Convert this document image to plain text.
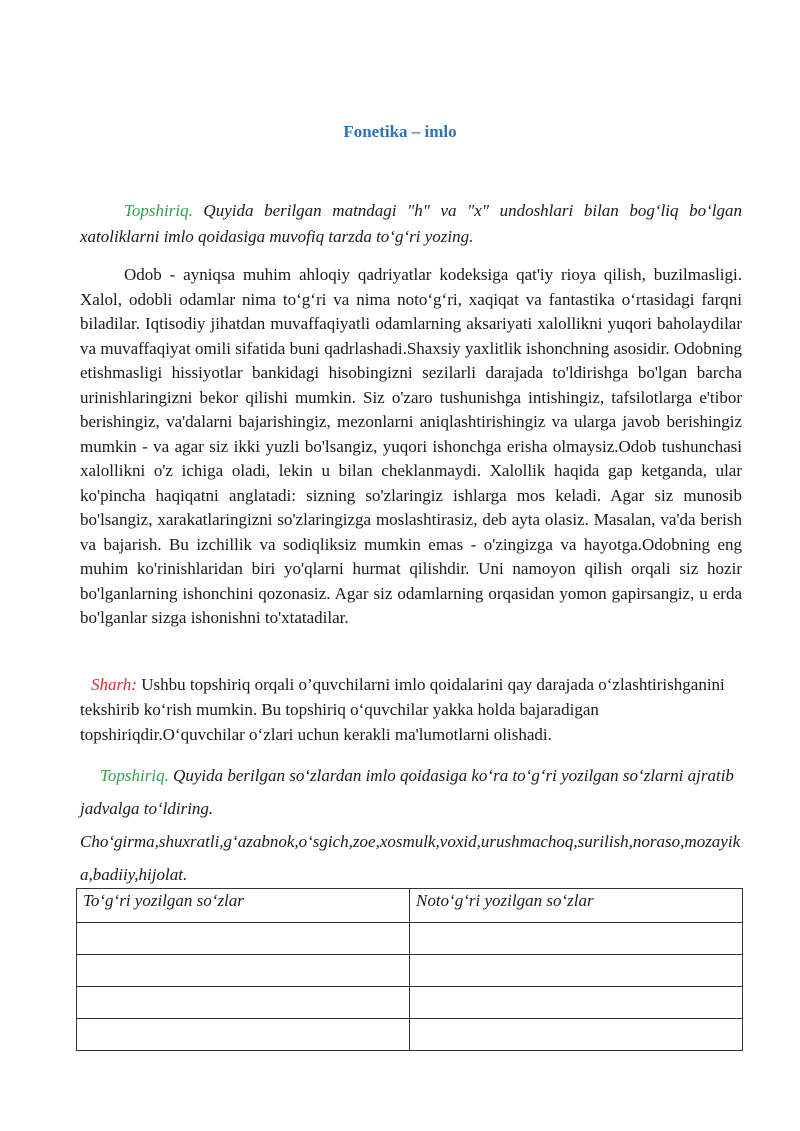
Fonetika – imlo
Topshiriq. Quyida berilgan matndagi "h" va "x" undoshlari bilan bogʻliq boʻlgan xatoliklarni imlo qoidasiga muvofiq tarzda toʻgʻri yozing.
Odob - ayniqsa muhim ahloqiy qadriyatlar kodeksiga qat'iy rioya qilish, buzilmasligi. Xalol, odobli odamlar nima to‘g‘ri va nima noto‘g‘ri, xaqiqat va fantastika o‘rtasidagi farqni biladilar. Iqtisodiy jihatdan muvaffaqiyatli odamlarning aksariyati xalollikni yuqori baholaydilar va muvaffaqiyat omili sifatida buni qadrlashadi.Shaxsiy yaxlitlik ishonchning asosidir. Odobning etishmasligi hissiyotlar bankidagi hisobingizni sezilarli darajada to'ldirishga bo'lgan barcha urinishlaringizni bekor qilishi mumkin. Siz o'zaro tushunishga intishingiz, tafsilotlarga e'tibor berishingiz, va'dalarni bajarishingiz, mezonlarni aniqlashtirishingiz va ularga javob berishingiz mumkin - va agar siz ikki yuzli bo'lsangiz, yuqori ishonchga erisha olmaysiz.Odob tushunchasi xalollikni o'z ichiga oladi, lekin u bilan cheklanmaydi. Xalollik haqida gap ketganda, ular ko'pincha haqiqatni anglatadi: sizning so'zlaringiz ishlarga mos keladi. Agar siz munosib bo'lsangiz, xarakatlaringizni so'zlaringizga moslashtirasiz, deb ayta olasiz. Masalan, va'da berish va bajarish. Bu izchillik va sodiqliksiz mumkin emas - o'zingizga va hayotga.Odobning eng muhim ko'rinishlaridan biri yo'qlarni hurmat qilishdir. Uni namoyon qilish orqali siz hozir bo'lganlarning ishonchini qozonasiz. Agar siz odamlarning orqasidan yomon gapirsangiz, u erda bo'lganlar sizga ishonishni to'xtatadilar.
Sharh: Ushbu topshiriq orqali o’quvchilarni imlo qoidalarini qay darajada o‘zlashtirishganini tekshirib ko‘rish mumkin. Bu topshiriq o‘quvchilar yakka holda bajaradigan topshiriqdir.O‘quvchilar o‘zlari uchun kerakli ma'lumotlarni olishadi.
Topshiriq. Quyida berilgan soʻzlardan imlo qoidasiga koʻra toʻgʻri yozilgan soʻzlarni ajratib jadvalga toʻldiring.
Choʻgirma,shuxratli,gʻazabnok,oʻsgich,zoe,xosmulk,voxid,urushmachoq,surilish,noraso,mozayika,badiiy,hijolat.
Toʻgʻri yozilgan soʻzlar	Notoʻgʻri yozilgan soʻzlar
